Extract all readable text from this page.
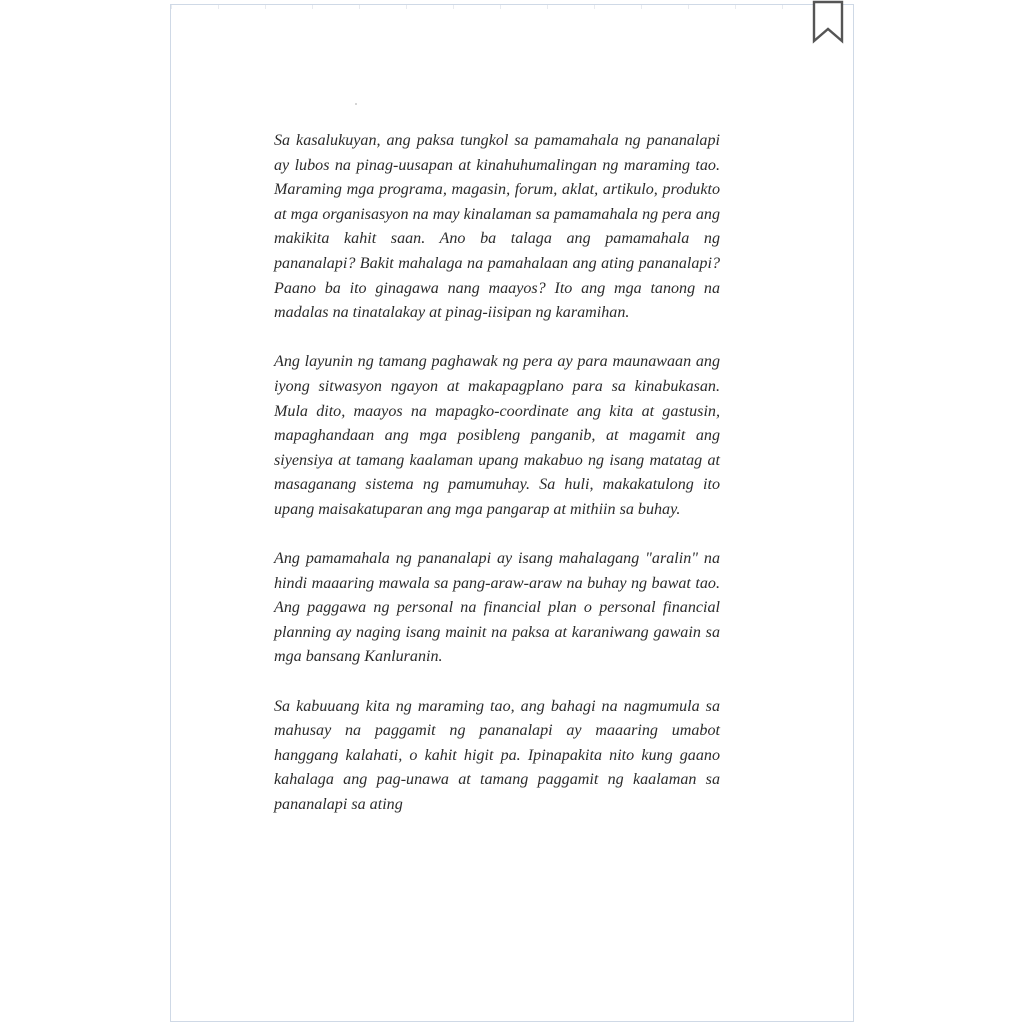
Sa kasalukuyan, ang paksa tungkol sa pamamahala ng pananalapi ay lubos na pinag-uusapan at kinahuhumalingan ng maraming tao. Maraming mga programa, magasin, forum, aklat, artikulo, produkto at mga organisasyon na may kinalaman sa pamamahala ng pera ang makikita kahit saan. Ano ba talaga ang pamamahala ng pananalapi? Bakit mahalaga na pamahalaan ang ating pananalapi? Paano ba ito ginagawa nang maayos? Ito ang mga tanong na madalas na tinatalakay at pinag-iisipan ng karamihan.

Ang layunin ng tamang paghawak ng pera ay para maunawaan ang iyong sitwasyon ngayon at makapagplano para sa kinabukasan. Mula dito, maayos na mapagko-coordinate ang kita at gastusin, mapaghandaan ang mga posibleng panganib, at magamit ang siyensiya at tamang kaalaman upang makabuo ng isang matatag at masaganang sistema ng pamumuhay. Sa huli, makakatulong ito upang maisakatuparan ang mga pangarap at mithiin sa buhay.

Ang pamamahala ng pananalapi ay isang mahalagang "aralin" na hindi maaaring mawala sa pang-araw-araw na buhay ng bawat tao. Ang paggawa ng personal na financial plan o personal financial planning ay naging isang mainit na paksa at karaniwang gawain sa mga bansang Kanluranin.

Sa kabuuang kita ng maraming tao, ang bahagi na nagmumula sa mahusay na paggamit ng pananalapi ay maaaring umabot hanggang kalahati, o kahit higit pa. Ipinapakita nito kung gaano kahalaga ang pag-unawa at tamang paggamit ng kaalaman sa pananalapi sa ating
